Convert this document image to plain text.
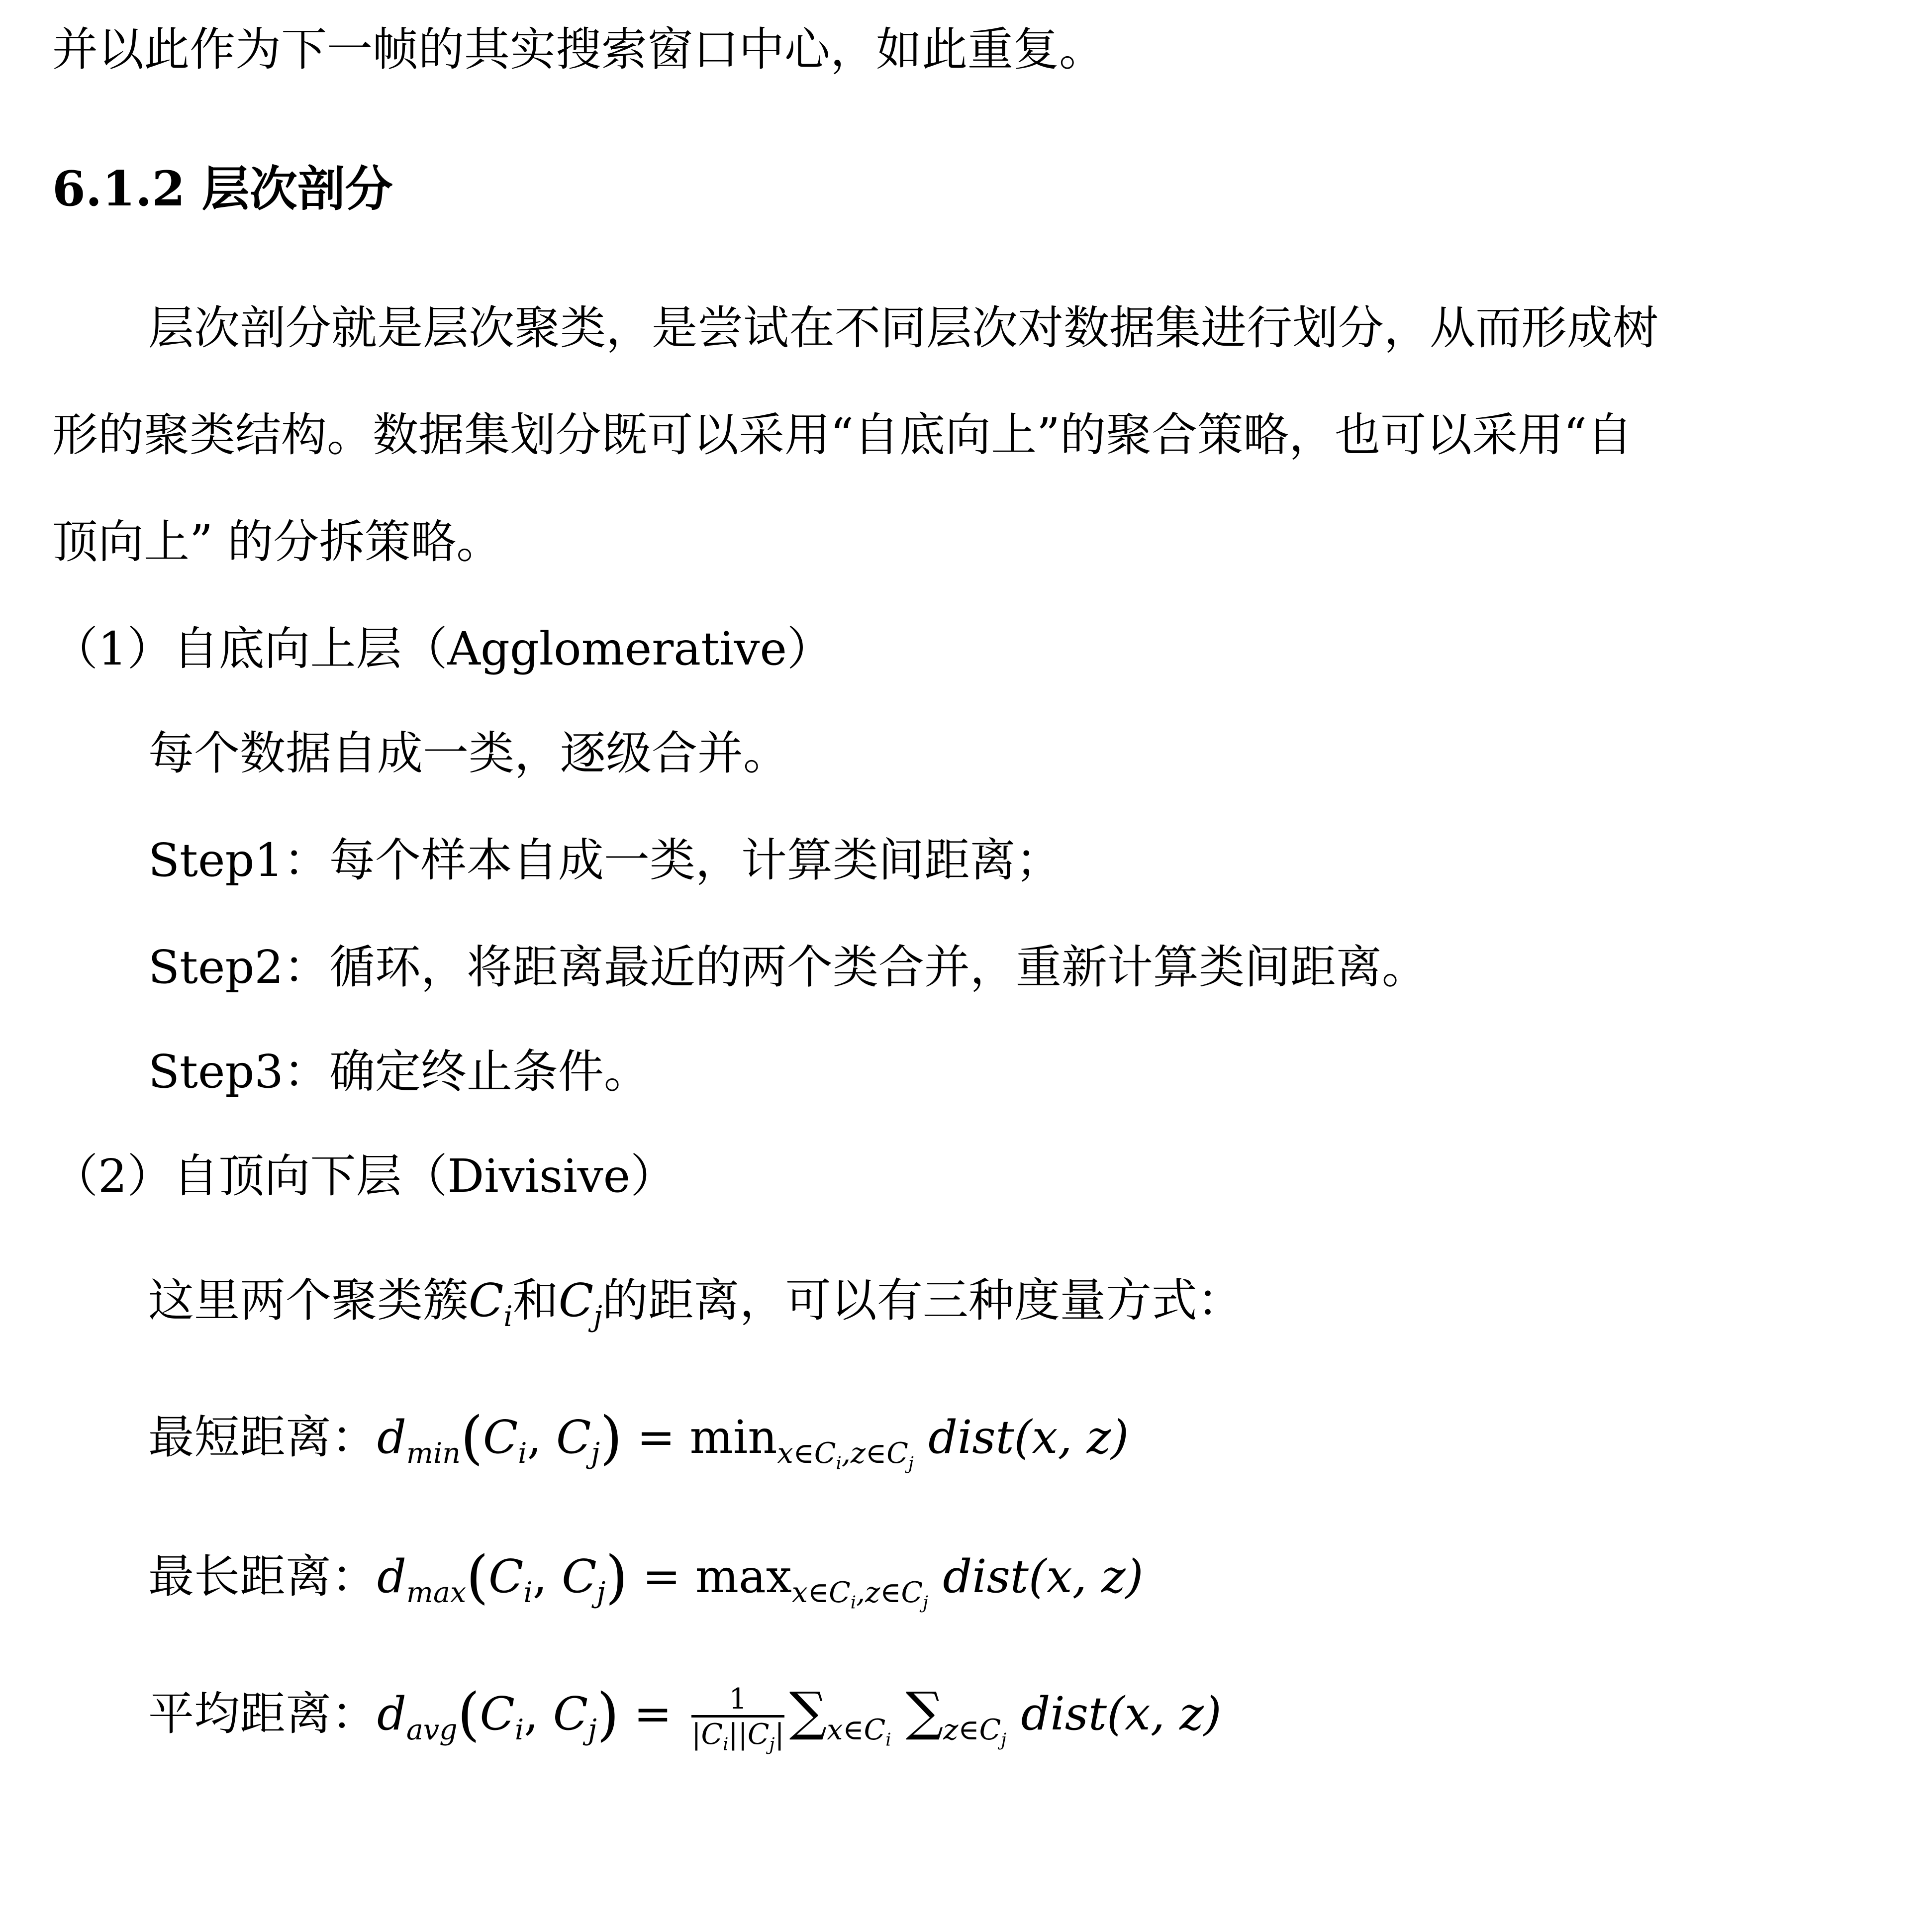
并以此作为下一帧的其实搜索窗口中心，如此重复。
6.1.2 层次剖分
层次剖分就是层次聚类，是尝试在不同层次对数据集进行划分，从而形成树
形的聚类结构。数据集划分既可以采用“自底向上”的聚合策略，也可以采用“自
顶向上” 的分拆策略。
（1）自底向上层（Agglomerative）
每个数据自成一类，逐级合并。
Step1：每个样本自成一类，计算类间距离；
Step2：循环，将距离最近的两个类合并，重新计算类间距离。
Step3：确定终止条件。
（2）自顶向下层（Divisive）
这里两个聚类簇$C_i$和$C_j$的距离，可以有三种度量方式：
最短距离：$d_{min}(C_i$, $C_j) = \min_{x\in C_i,z\in C_j}$ dist(x, z)
最长距离：$d_{max}(C_i$, $C_j) = \max_{x\in C_i,z\in C_j}$ dist(x, z)
平均距离：$d_{avg}(C_i$, $C_j) = \frac{1}{|C_i||C_j|} \sum_{x\in C_i}$ $\sum_{z\in C_j}$ dist(x, z)
